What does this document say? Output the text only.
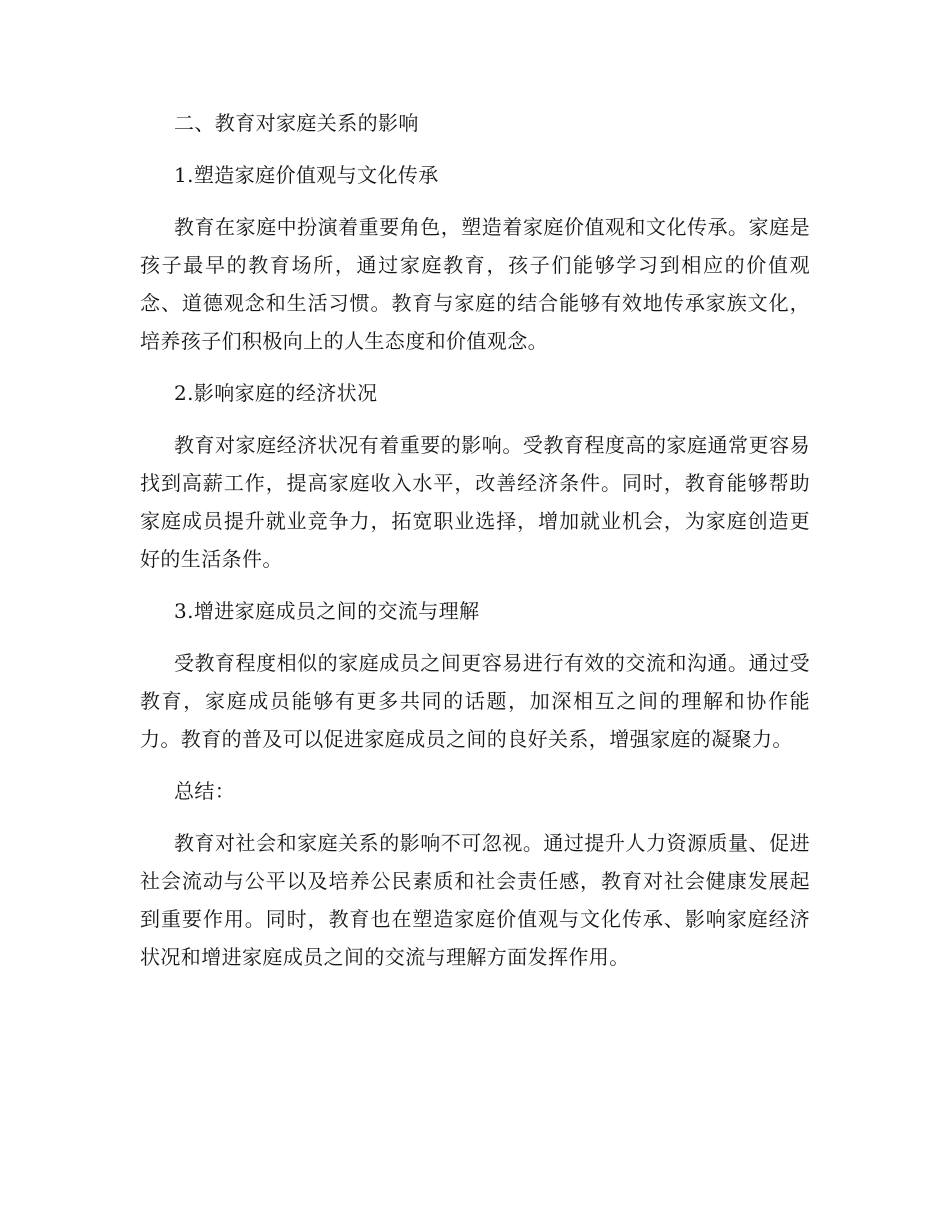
二、教育对家庭关系的影响

1.塑造家庭价值观与文化传承

教育在家庭中扮演着重要角色，塑造着家庭价值观和文化传承。家庭是孩子最早的教育场所，通过家庭教育，孩子们能够学习到相应的价值观念、道德观念和生活习惯。教育与家庭的结合能够有效地传承家族文化，培养孩子们积极向上的人生态度和价值观念。

2.影响家庭的经济状况

教育对家庭经济状况有着重要的影响。受教育程度高的家庭通常更容易找到高薪工作，提高家庭收入水平，改善经济条件。同时，教育能够帮助家庭成员提升就业竞争力，拓宽职业选择，增加就业机会，为家庭创造更好的生活条件。

3.增进家庭成员之间的交流与理解

受教育程度相似的家庭成员之间更容易进行有效的交流和沟通。通过受教育，家庭成员能够有更多共同的话题，加深相互之间的理解和协作能力。教育的普及可以促进家庭成员之间的良好关系，增强家庭的凝聚力。

总结：

教育对社会和家庭关系的影响不可忽视。通过提升人力资源质量、促进社会流动与公平以及培养公民素质和社会责任感，教育对社会健康发展起到重要作用。同时，教育也在塑造家庭价值观与文化传承、影响家庭经济状况和增进家庭成员之间的交流与理解方面发挥作用。
